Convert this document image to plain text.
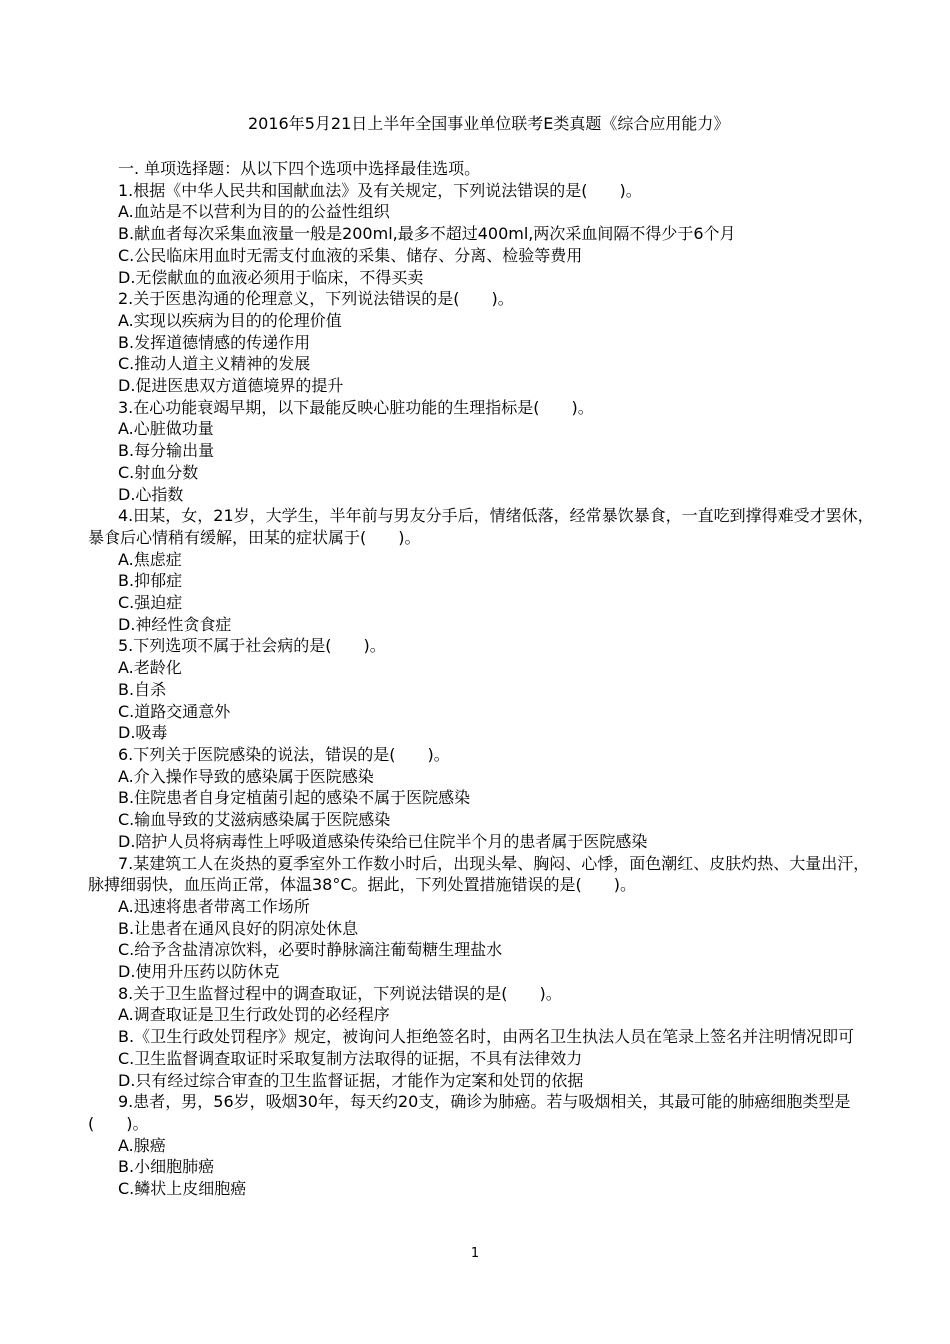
2016年5月21日上半年全国事业单位联考E类真题《综合应用能力》
一. 单项选择题：从以下四个选项中选择最佳选项。
1.根据《中华人民共和国献血法》及有关规定，下列说法错误的是(　　)。
A.血站是不以营利为目的的公益性组织
B.献血者每次采集血液量一般是200ml,最多不超过400ml,两次采血间隔不得少于6个月
C.公民临床用血时无需支付血液的采集、储存、分离、检验等费用
D.无偿献血的血液必须用于临床，不得买卖
2.关于医患沟通的伦理意义，下列说法错误的是(　　)。
A.实现以疾病为目的的伦理价值
B.发挥道德情感的传递作用
C.推动人道主义精神的发展
D.促进医患双方道德境界的提升
3.在心功能衰竭早期，以下最能反映心脏功能的生理指标是(　　)。
A.心脏做功量
B.每分输出量
C.射血分数
D.心指数
4.田某，女，21岁，大学生，半年前与男友分手后，情绪低落，经常暴饮暴食，一直吃到撑得难受才罢休，暴食后心情稍有缓解，田某的症状属于(　　)。
A.焦虑症
B.抑郁症
C.强迫症
D.神经性贪食症
5.下列选项不属于社会病的是(　　)。
A.老龄化
B.自杀
C.道路交通意外
D.吸毒
6.下列关于医院感染的说法，错误的是(　　)。
A.介入操作导致的感染属于医院感染
B.住院患者自身定植菌引起的感染不属于医院感染
C.输血导致的艾滋病感染属于医院感染
D.陪护人员将病毒性上呼吸道感染传染给已住院半个月的患者属于医院感染
7.某建筑工人在炎热的夏季室外工作数小时后，出现头晕、胸闷、心悸，面色潮红、皮肤灼热、大量出汗，脉搏细弱快，血压尚正常，体温38°C。据此，下列处置措施错误的是(　　)。
A.迅速将患者带离工作场所
B.让患者在通风良好的阴凉处休息
C.给予含盐清凉饮料，必要时静脉滴注葡萄糖生理盐水
D.使用升压药以防休克
8.关于卫生监督过程中的调查取证，下列说法错误的是(　　)。
A.调查取证是卫生行政处罚的必经程序
B.《卫生行政处罚程序》规定，被询问人拒绝签名时，由两名卫生执法人员在笔录上签名并注明情况即可
C.卫生监督调查取证时采取复制方法取得的证据，不具有法律效力
D.只有经过综合审查的卫生监督证据，才能作为定案和处罚的依据
9.患者，男，56岁，吸烟30年，每天约20支，确诊为肺癌。若与吸烟相关，其最可能的肺癌细胞类型是(　　)。
A.腺癌
B.小细胞肺癌
C.鳞状上皮细胞癌
1
